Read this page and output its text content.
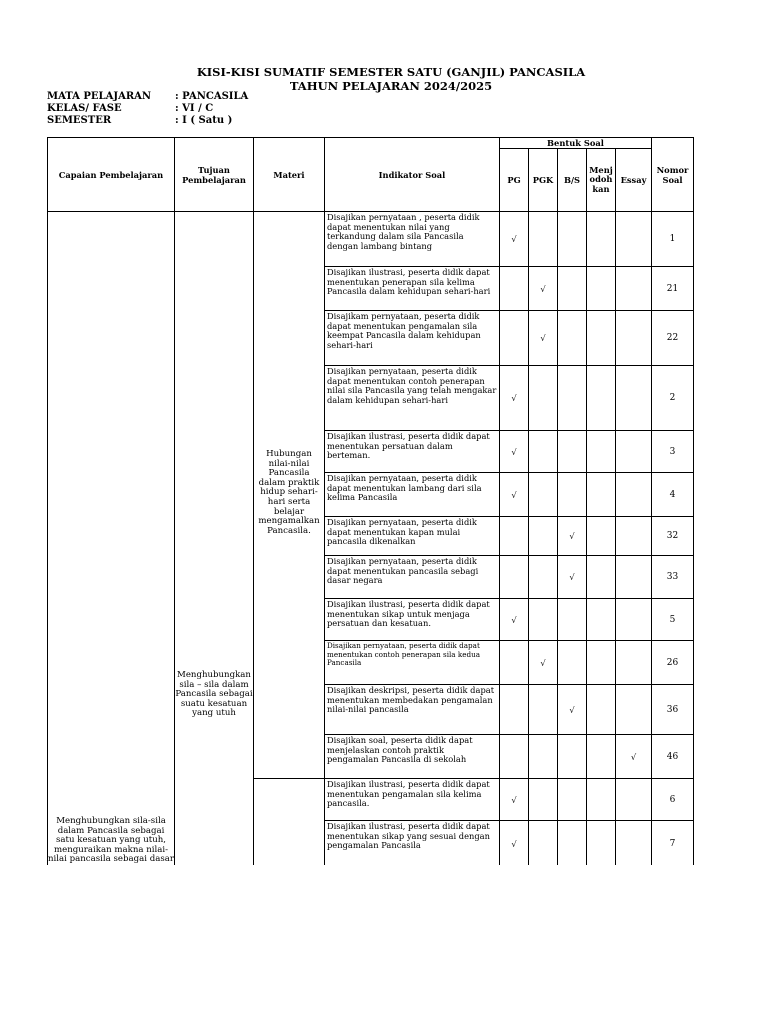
KISI-KISI SUMATIF SEMESTER SATU (GANJIL) PANCASILA
TAHUN PELAJARAN 2024/2025
MATA PELAJARAN : PANCASILA
KELAS/ FASE	: VI / C
SEMESTER	: I ( Satu )
Capaian Pembelajaran	Tujuan Pembelajaran	Materi	Indikator Soal	Bentuk Soal					Nomor Soal
				PG	PGK	B/S	Menj odoh kan	Essay	

Menghubungkan sila-sila dalam Pancasila sebagai satu kesatuan yang utuh, menguraikan makna nilai-nilai pancasila sebagai dasar	Menghubungkan sila – sila dalam Pancasila sebagai suatu kesatuan yang utuh	Hubungan nilai-nilai Pancasila dalam praktik hidup sehari-hari serta belajar mengamalkan Pancasila.	Disajikan pernyataan , peserta didik dapat menentukan nilai yang terkandung dalam sila Pancasila dengan lambang bintang	√					1
			Disajikan ilustrasi, peserta didik dapat menentukan penerapan sila kelima Pancasila dalam kehidupan sehari-hari		√				21
			Disajikam pernyataan, peserta didik dapat menentukan pengamalan sila keempat Pancasila dalam kehidupan sehari-hari		√				22
			Disajikan pernyataan, peserta didik dapat menentukan contoh penerapan nilai sila Pancasila yang telah mengakar dalam kehidupan sehari-hari	√					2
			Disajikan ilustrasi, peserta didik dapat menentukan persatuan dalam berteman.	√					3
			Disajikan pernyataan, peserta didik dapat menentukan lambang dari sila kelima Pancasila	√					4
			Disajikan pernyataan, peserta didik dapat menentukan kapan mulai pancasila dikenalkan			√			32
			Disajikan pernyataan, peserta didik dapat menentukan pancasila sebagi dasar negara			√			33
			Disajikan ilustrasi, peserta didik dapat menentukan sikap untuk menjaga persatuan dan kesatuan.	√					5
			Disajikan pernyataan, peserta didik dapat menentukan contoh penerapan sila kedua Pancasila		√				26
			Disajikan deskripsi, peserta didik dapat menentukan membedakan pengamalan nilai-nilai pancasila			√			36
			Disajikan soal, peserta didik dapat menjelaskan contoh praktik pengamalan Pancasila di sekolah					√	46
			Disajikan ilustrasi, peserta didik dapat menentukan pengamalan sila kelima pancasila.	√					6
			Disajikan ilustrasi, peserta didik dapat menentukan sikap yang sesuai dengan pengamalan Pancasila	√					7
